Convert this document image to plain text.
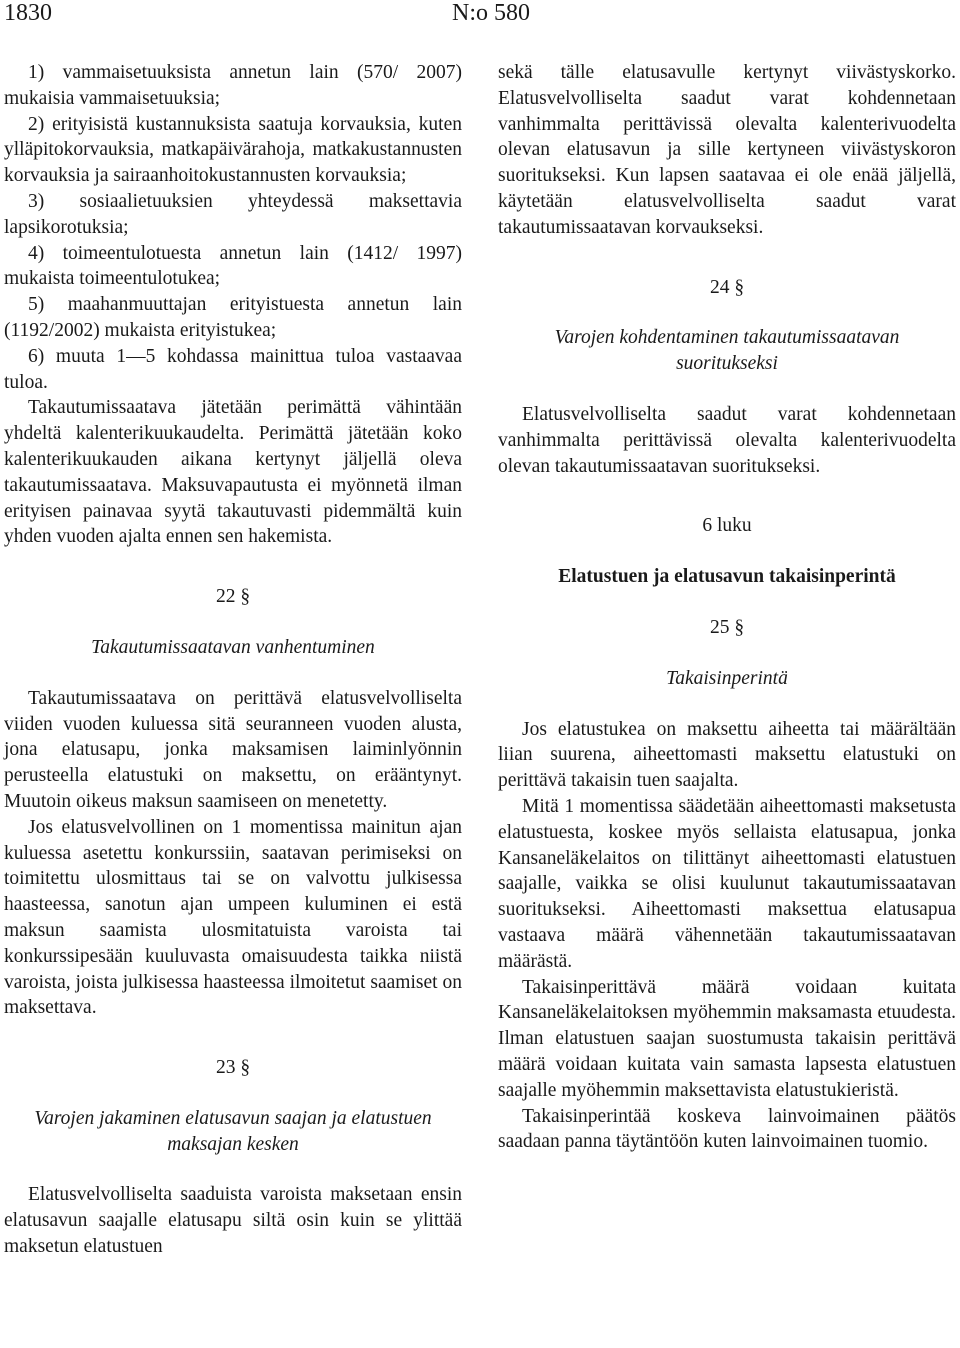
1830	N:o 580

1) vammaisetuuksista annetun lain (570/ 2007) mukaisia vammaisetuuksia;

2) erityisistä kustannuksista saatuja korvauksia, kuten ylläpitokorvauksia, matkapäivärahoja, matkakustannusten korvauksia ja sairaanhoitokustannusten korvauksia;

3) sosiaalietuuksien yhteydessä maksettavia lapsikorotuksia;

4) toimeentulotuesta annetun lain (1412/ 1997) mukaista toimeentulotukea;

5) maahanmuuttajan erityistuesta annetun lain (1192/2002) mukaista erityistukea;

6) muuta 1—5 kohdassa mainittua tuloa vastaavaa tuloa.

Takautumissaatava jätetään perimättä vähintään yhdeltä kalenterikuukaudelta. Perimättä jätetään koko kalenterikuukauden aikana kertynyt jäljellä oleva takautumissaatava. Maksuvapautusta ei myönnetä ilman erityisen painavaa syytä takautuvasti pidemmältä kuin yhden vuoden ajalta ennen sen hakemista.

22 §

Takautumissaatavan vanhentuminen

Takautumissaatava on perittävä elatusvelvolliselta viiden vuoden kuluessa sitä seuranneen vuoden alusta, jona elatusapu, jonka maksamisen laiminlyönnin perusteella elatustuki on maksettu, on erääntynyt. Muutoin oikeus maksun saamiseen on menetetty.

Jos elatusvelvollinen on 1 momentissa mainitun ajan kuluessa asetettu konkurssiin, saatavan perimiseksi on toimitettu ulosmittaus tai se on valvottu julkisessa haasteessa, sanotun ajan umpeen kuluminen ei estä maksun saamista ulosmitatuista varoista tai konkurssipesään kuuluvasta omaisuudesta taikka niistä varoista, joista julkisessa haasteessa ilmoitetut saamiset on maksettava.

23 §

Varojen jakaminen elatusavun saajan ja elatustuen maksajan kesken

Elatusvelvolliselta saaduista varoista maksetaan ensin elatusavun saajalle elatusapu siltä osin kuin se ylittää maksetun elatustuen

sekä tälle elatusavulle kertynyt viivästyskorko. Elatusvelvolliselta saadut varat kohdennetaan vanhimmalta perittävissä olevalta kalenterivuodelta olevan elatusavun ja sille kertyneen viivästyskoron suoritukseksi. Kun lapsen saatavaa ei ole enää jäljellä, käytetään elatusvelvolliselta saadut varat takautumissaatavan korvaukseksi.

24 §

Varojen kohdentaminen takautumissaatavan suoritukseksi

Elatusvelvolliselta saadut varat kohdennetaan vanhimmalta perittävissä olevalta kalenterivuodelta olevan takautumissaatavan suoritukseksi.

6 luku

Elatustuen ja elatusavun takaisinperintä

25 §

Takaisinperintä

Jos elatustukea on maksettu aiheetta tai määrältään liian suurena, aiheettomasti maksettu elatustuki on perittävä takaisin tuen saajalta.

Mitä 1 momentissa säädetään aiheettomasti maksetusta elatustuesta, koskee myös sellaista elatusapua, jonka Kansaneläkelaitos on tilittänyt aiheettomasti elatustuen saajalle, vaikka se olisi kuulunut takautumissaatavan suoritukseksi. Aiheettomasti maksettua elatusapua vastaava määrä vähennetään takautumissaatavan määrästä.

Takaisinperittävä määrä voidaan kuitata Kansaneläkelaitoksen myöhemmin maksamasta etuudesta. Ilman elatustuen saajan suostumusta takaisin perittävä määrä voidaan kuitata vain samasta lapsesta elatustuen saajalle myöhemmin maksettavista elatustukieristä.

Takaisinperintää koskeva lainvoimainen päätös saadaan panna täytäntöön kuten lainvoimainen tuomio.
